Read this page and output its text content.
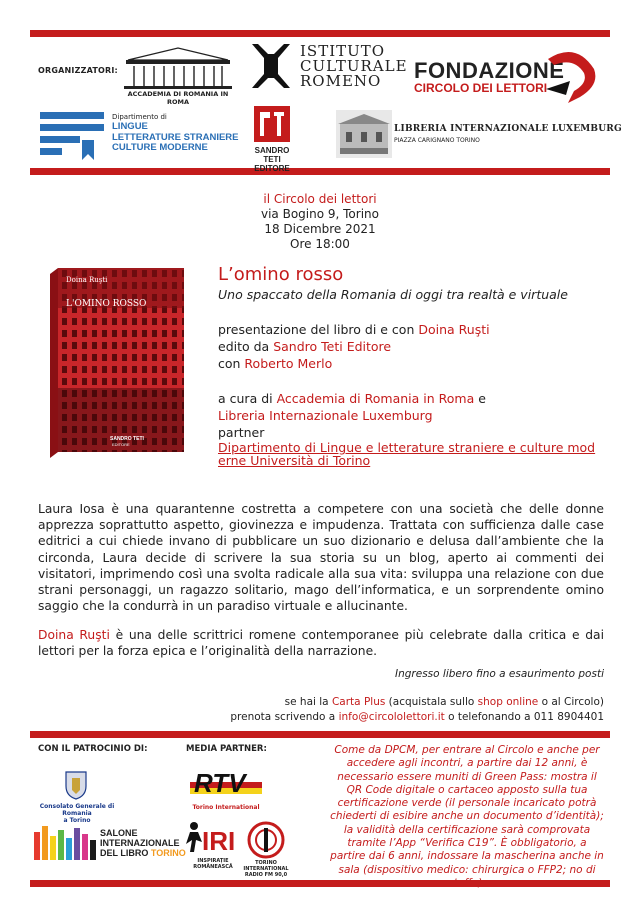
ORGANIZZATORI:
ACCADEMIA DI ROMANIA IN ROMA
ISTITUTO
CULTURALE
ROMENO	FONDAZIONE
CIRCOLO DEI LETTORI
Dipartimento di
LINGUE
LETTERATURE STRANIERE
CULTURE MODERNE	SANDRO TETI
EDITORE
LIBRERIA INTERNAZIONALE LUXEMBURG
PIAZZA CARIGNANO TORINO
il Circolo dei lettori
via Bogino 9, Torino
18 Dicembre 2021
Ore 18:00
Doina Ruşti
L'OMINO ROSSO
SANDRO TETI
EDITORE
L’omino rosso
Uno spaccato della Romania di oggi tra realtà e virtuale
presentazione del libro di e con Doina Ruşti
edito da Sandro Teti Editore
con Roberto Merlo
a cura di Accademia di Romania in Roma e
Libreria Internazionale Luxemburg
partner
Dipartimento di Lingue e letterature straniere e culture mod
erne Università di Torino
Laura Iosa è una quarantenne costretta a competere con una società che delle donne apprezza soprattutto aspetto, giovinezza e impudenza. Trattata con sufficienza dalle case editrici a cui chiede invano di pubblicare un suo dizionario e delusa dall’ambiente che la circonda, Laura decide di scrivere la sua storia su un blog, aperto ai commenti dei visitatori, imprimendo così una svolta radicale alla sua vita: sviluppa una relazione con due strani personaggi, un ragazzo solitario, mago dell’informatica, e un sorprendente omino saggio che la condurrà in un paradiso virtuale e allucinante.
Doina Ruşti è una delle scrittrici romene contemporanee più celebrate dalla critica e dai lettori per la forza epica e l’originalità della narrazione.
Ingresso libero fino a esaurimento posti
se hai la Carta Plus (acquistala sullo shop online o al Circolo)
prenota scrivendo a info@circololettori.it o telefonando a 011 8904401
CON IL PATROCINIO DI:	MEDIA PARTNER:
Consolato Generale di Romania
a Torino
SALONE
INTERNAZIONALE
DEL LIBRO TORINO
RTV
Torino International
IRI
INSPIRAȚIE ROMÂNEASCĂ
TORINO
INTERNATIONAL
RADIO FM 90,0
Come da DPCM, per entrare al Circolo e anche per accedere agli incontri, a partire dai 12 anni, è necessario essere muniti di Green Pass: mostra il QR Code digitale o cartaceo apposto sulla tua certificazione verde (il personale incaricato potrà chiederti di esibire anche un documento d’identità); la validità della certificazione sarà comprovata tramite l’App “Verifica C19”. È obbligatorio, a partire dai 6 anni, indossare la mascherina anche in sala (dispositivo medico: chirurgica o FFP2; no di
